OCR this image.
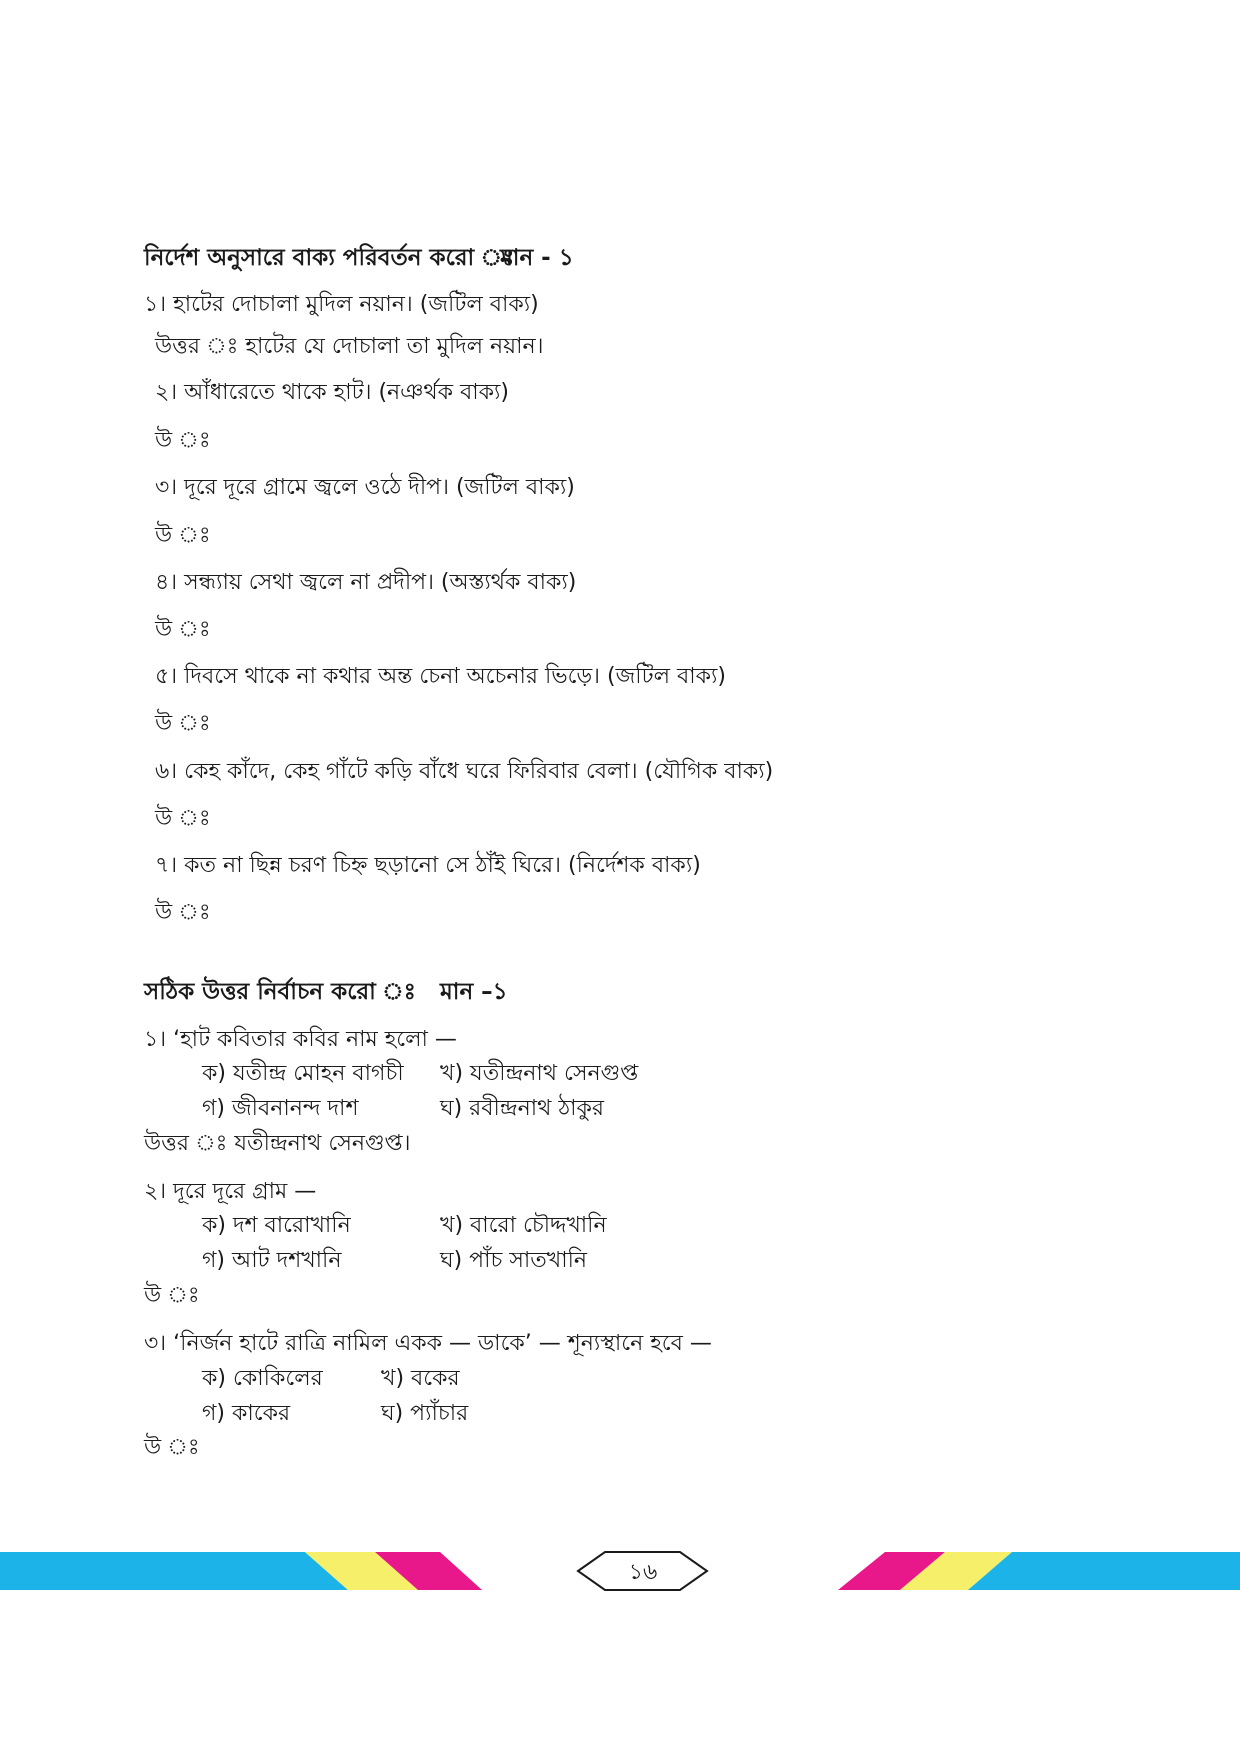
নির্দেশ অনুসারে বাক্য পরিবর্তন করো ঃ
মান - ১
১। হাটের দোচালা মুদিল নয়ান। (জটিল বাক্য)
উত্তর ঃ হাটের যে দোচালা তা মুদিল নয়ান।
২। আঁধারেতে থাকে হাট। (নঞর্থক বাক্য)
উ ঃ
৩। দূরে দূরে গ্রামে জ্বলে ওঠে দীপ। (জটিল বাক্য)
উ ঃ
৪। সন্ধ্যায় সেথা জ্বলে না প্রদীপ। (অস্ত্যর্থক বাক্য)
উ ঃ
৫। দিবসে থাকে না কথার অন্ত চেনা অচেনার ভিড়ে। (জটিল বাক্য)
উ ঃ
৬। কেহ কাঁদে, কেহ গাঁটে কড়ি বাঁধে ঘরে ফিরিবার বেলা। (যৌগিক বাক্য)
উ ঃ
৭। কত না ছিন্ন চরণ চিহ্ন ছড়ানো সে ঠাঁই ঘিরে। (নির্দেশক বাক্য)
উ ঃ
সঠিক উত্তর নির্বাচন করো ঃ মান –১
১। ‘হাট কবিতার কবির নাম হলো —
ক) যতীন্দ্র মোহন বাগচী খ) যতীন্দ্রনাথ সেনগুপ্ত
গ) জীবনানন্দ দাশ	ঘ) রবীন্দ্রনাথ ঠাকুর
উত্তর ঃ যতীন্দ্রনাথ সেনগুপ্ত।
২। দূরে দূরে গ্রাম —
ক) দশ বারোখানি	খ) বারো চৌদ্দখানি
গ) আট দশখানি	ঘ) পাঁচ সাতখানি
উ ঃ
৩। ‘নির্জন হাটে রাত্রি নামিল একক — ডাকে’ — শূন্যস্থানে হবে —
ক) কোকিলের	খ) বকের
গ) কাকের	ঘ) প্যাঁচার
উ ঃ
১৬
